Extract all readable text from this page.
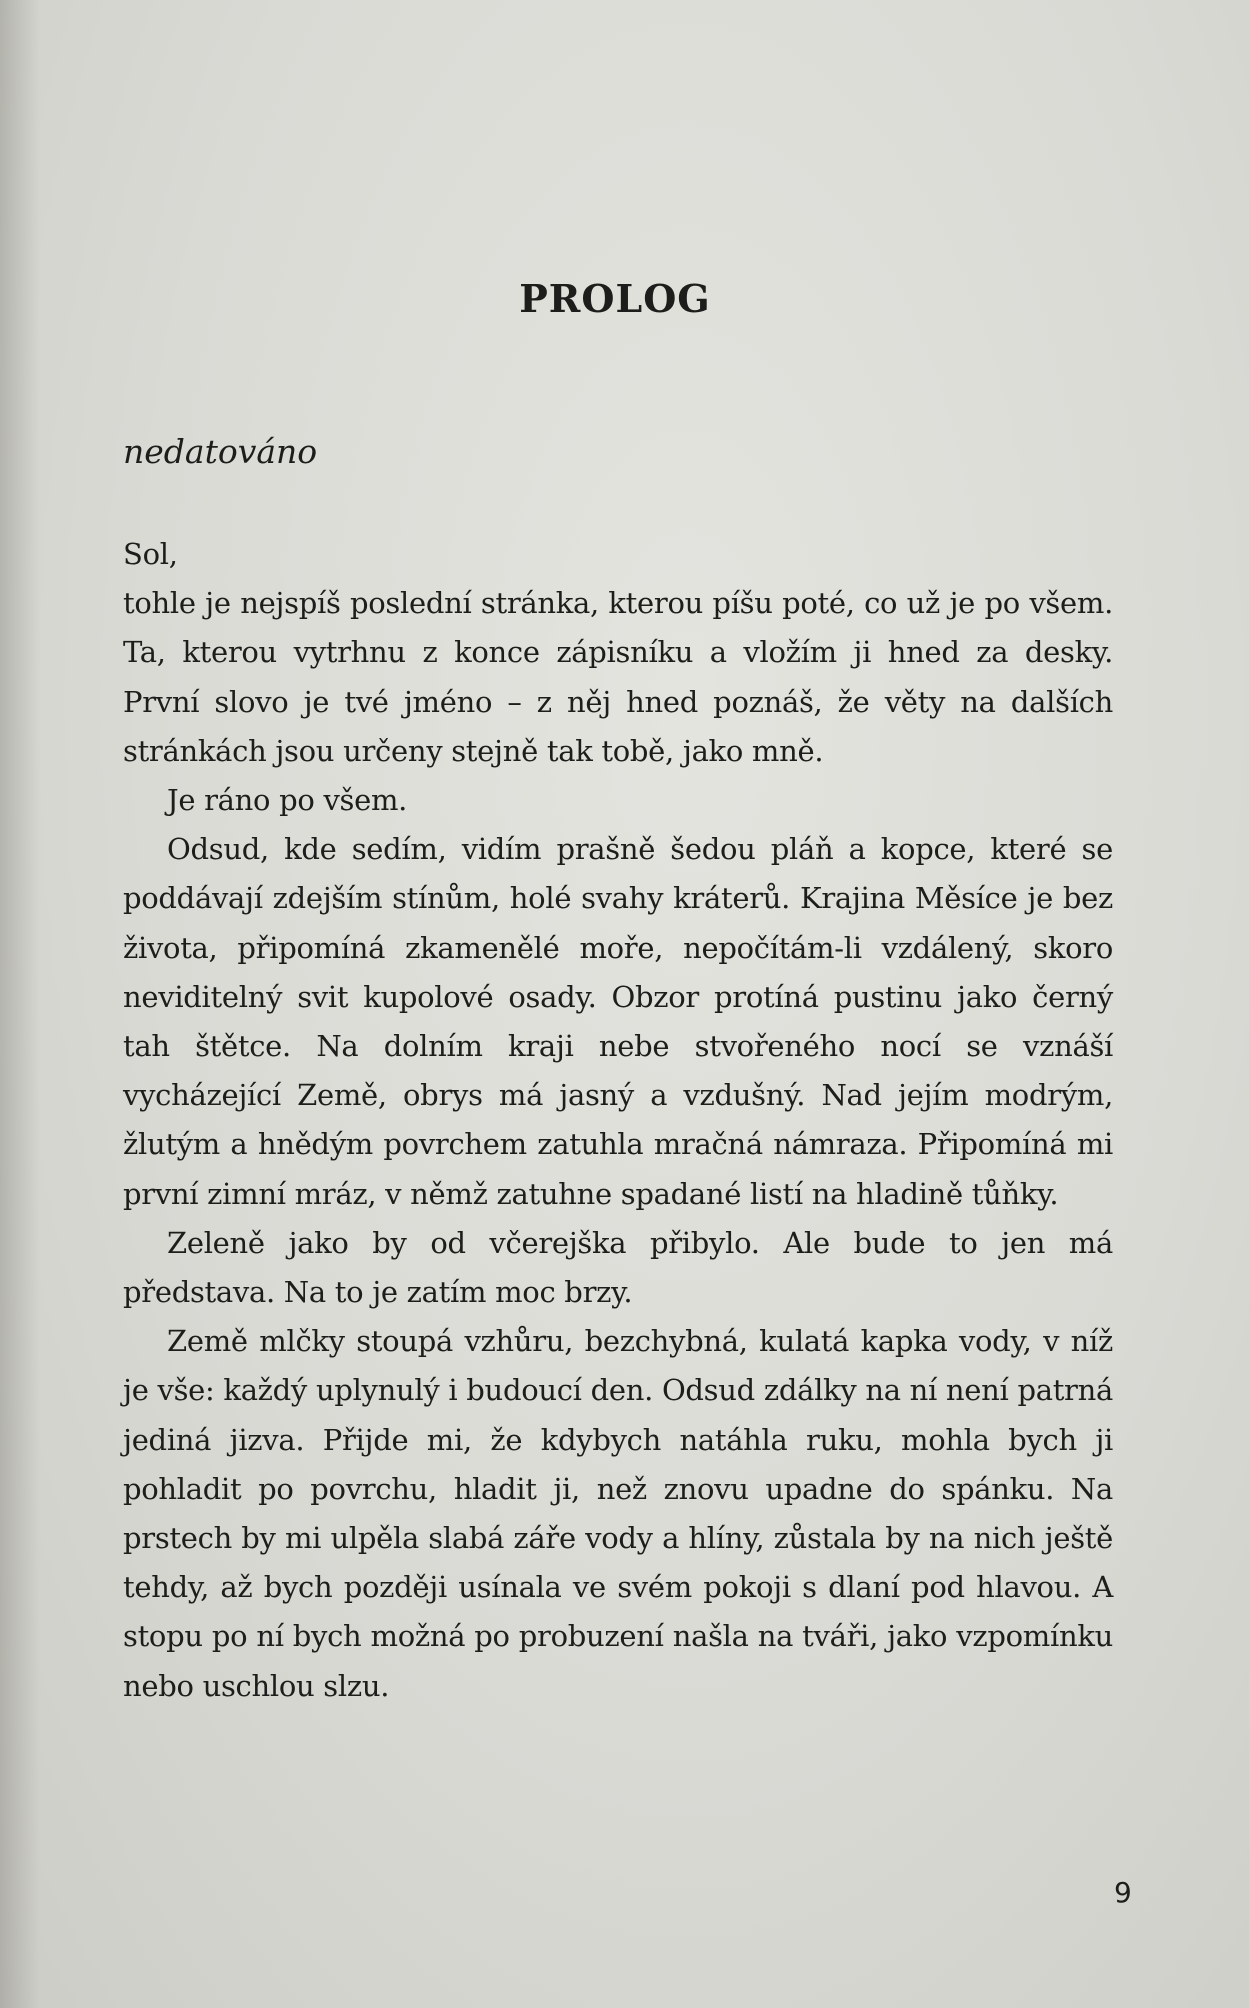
PROLOG

nedatováno

Sol,

tohle je nejspíš poslední stránka, kterou píšu poté, co už je po všem. Ta, kterou vytrhnu z konce zápisníku a vložím ji hned za desky. První slovo je tvé jméno – z něj hned poznáš, že věty na dalších stránkách jsou určeny stejně tak tobě, jako mně.

Je ráno po všem.

Odsud, kde sedím, vidím prašně šedou pláň a kopce, které se poddávají zdejším stínům, holé svahy kráterů. Krajina Měsíce je bez života, připomíná zkamenělé moře, nepočítám-li vzdálený, skoro neviditelný svit kupolové osady. Obzor protíná pustinu jako černý tah štětce. Na dolním kraji nebe stvořeného nocí se vznáší vycházející Země, obrys má jasný a vzdušný. Nad jejím modrým, žlutým a hnědým povrchem zatuhla mračná námraza. Připomíná mi první zimní mráz, v němž zatuhne spadané listí na hladině tůňky.

Zeleně jako by od včerejška přibylo. Ale bude to jen má představa. Na to je zatím moc brzy.

Země mlčky stoupá vzhůru, bezchybná, kulatá kapka vody, v níž je vše: každý uplynulý i budoucí den. Odsud zdálky na ní není patrná jediná jizva. Přijde mi, že kdybych natáhla ruku, mohla bych ji pohladit po povrchu, hladit ji, než znovu upadne do spánku. Na prstech by mi ulpěla slabá záře vody a hlíny, zůstala by na nich ještě tehdy, až bych později usínala ve svém pokoji s dlaní pod hlavou. A stopu po ní bych možná po probuzení našla na tváři, jako vzpomínku nebo uschlou slzu.

9
